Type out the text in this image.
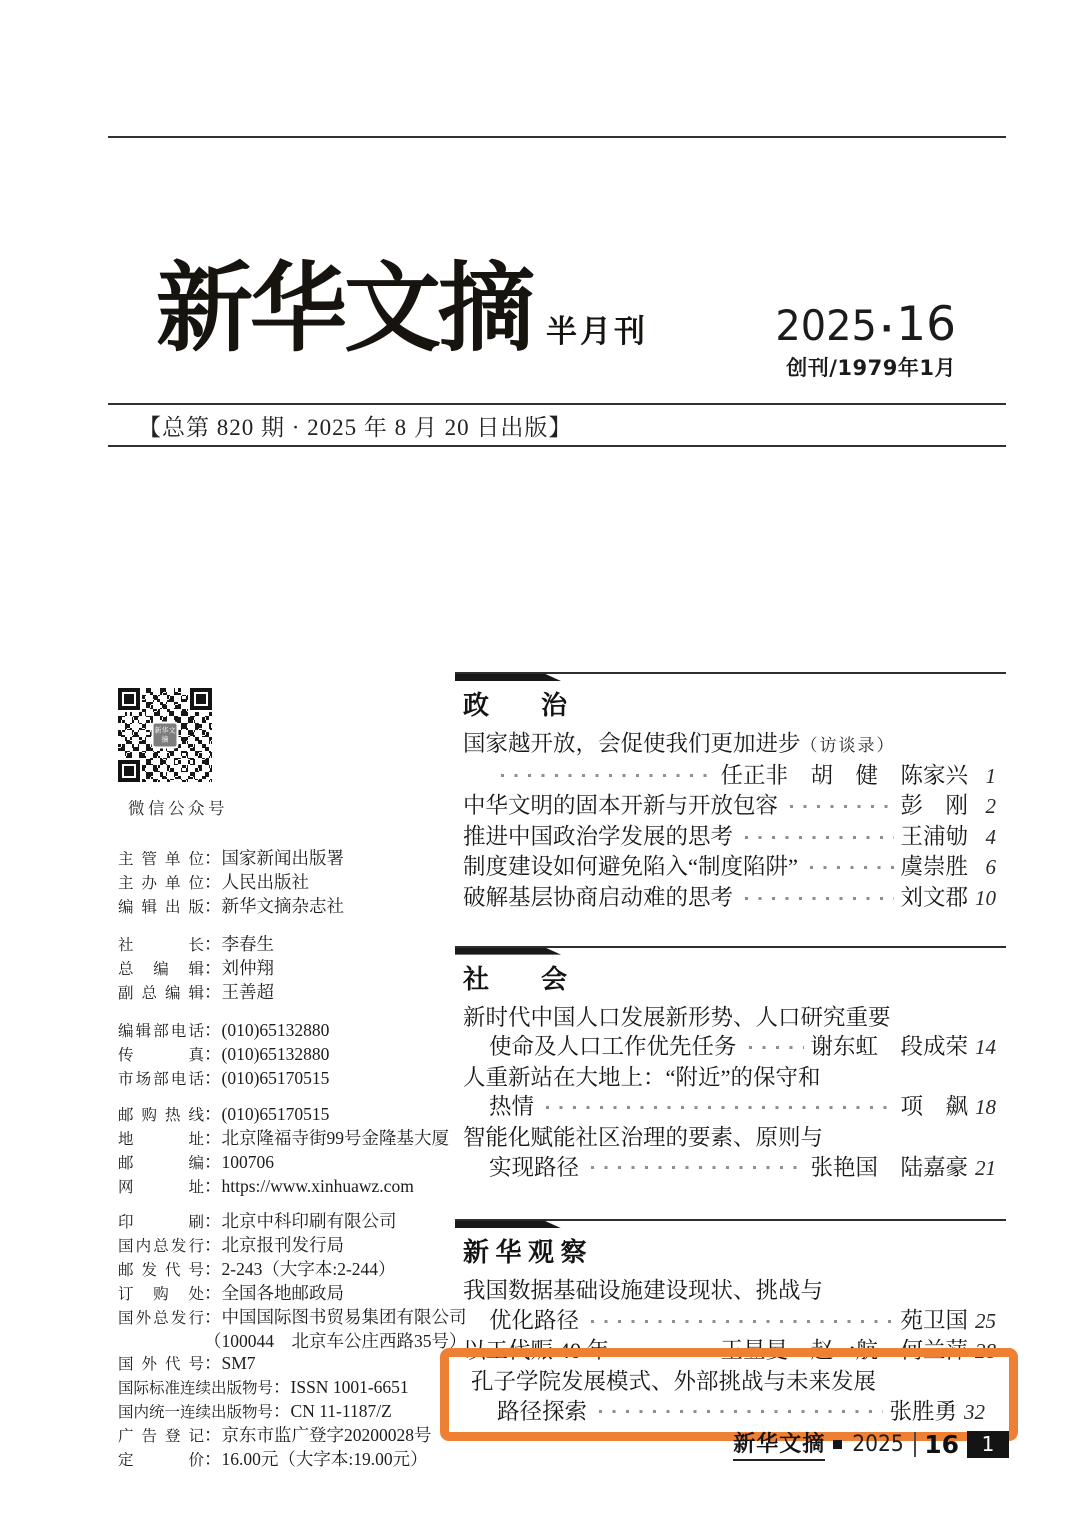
新华文摘 半月刊	2025 · 16
创刊/1979年1月
【总第 820 期 · 2025 年 8 月 20 日出版】
新华文摘
微信公众号
主 管 单 位 ：国家新闻出版署
主 办 单 位 ：人民出版社
编 辑 出 版 ：新华文摘杂志社
社	长 ：李春生
总 编 辑 ：刘仲翔
副 总 编 辑 ：王善超
编 辑 部 电 话 ：(010)65132880
传	真 ：(010)65132880
市 场 部 电 话 ：(010)65170515
邮 购 热 线 ：(010)65170515
地	址 ：北京隆福寺街99号金隆基大厦
邮	编 ：100706
网	址 ：https://www.xinhuawz.com
印	刷 ：北京中科印刷有限公司
国 内 总 发 行 ：北京报刊发行局
邮 发 代 号 ：2-243（大字本:2-244）
订 购 处 ：全国各地邮政局
国 外 总 发 行 ：中国国际图书贸易集团有限公司
（100044　北京车公庄西路35号）
国 外 代 号 ：SM7
国际标准连续出版物号 ：ISSN 1001-6651
国内统一连续出版物号 ：CN 11-1187/Z
广 告 登 记 ：京东市监广登字20200028号
定	价 ：16.00元（大字本:19.00元）
政　　治
国家越开放，会促使我们更加进步 （访谈录）
任正非　胡　健　陈家兴 1
中华文明的固本开新与开放包容	彭　刚 2
推进中国政治学发展的思考	王浦劬 4
制度建设如何避免陷入“制度陷阱”	虞崇胜 6
破解基层协商启动难的思考	刘文郡 10
社　　会
新时代中国人口发展新形势、人口研究重要
使命及人口工作优先任务	谢东虹　段成荣 14
人重新站在大地上：“附近”的保守和
热情	项　飙 18
智能化赋能社区治理的要素、原则与
实现路径	张艳国　陆嘉豪 21
新 华 观 察
我国数据基础设施建设现状、挑战与
优化路径	苑卫国 25
以工代赈 40 年	王昱旻　赵一航　何兰萍 28
孔子学院发展模式、外部挑战与未来发展
路径探索	张胜勇 32
新华文摘 2025 16	1
